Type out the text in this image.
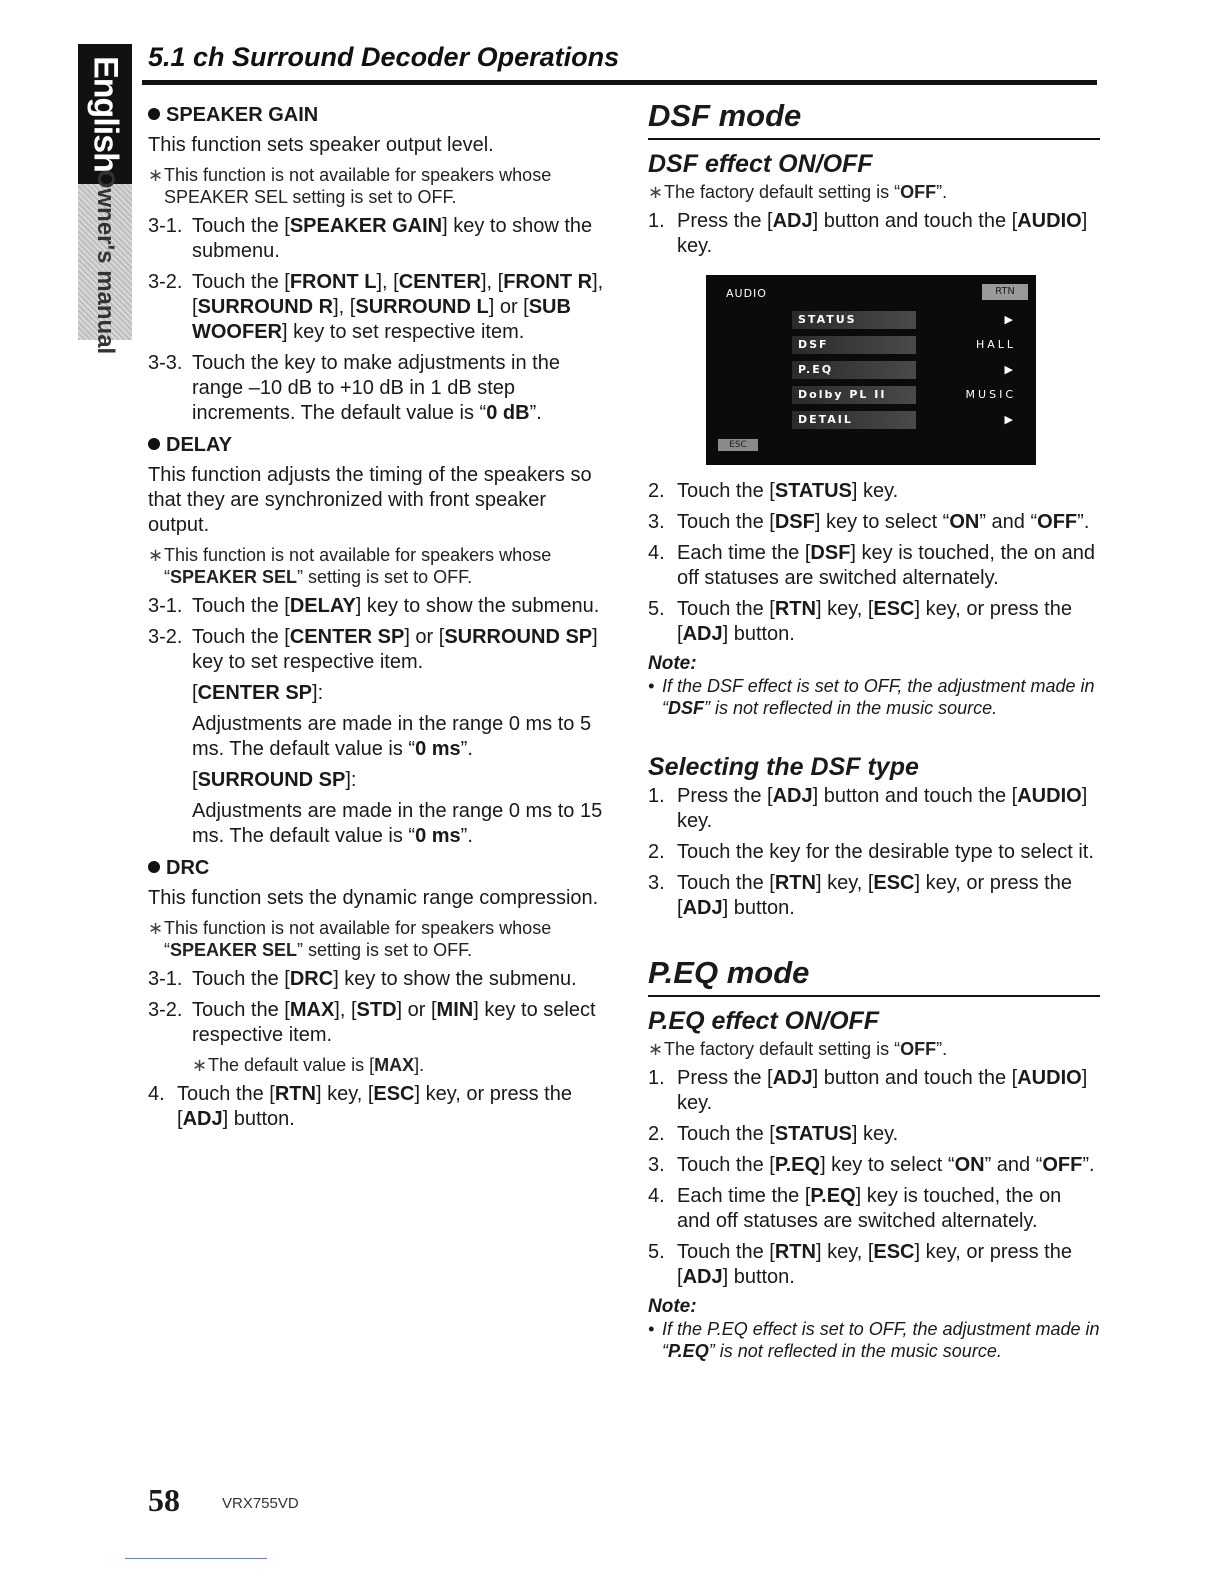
English
Owner's manual
5.1 ch Surround Decoder Operations
SPEAKER GAIN

This function sets speaker output level.

∗ This function is not available for speakers whose SPEAKER SEL setting is set to OFF.
3-1. Touch the [SPEAKER GAIN] key to show the submenu.
3-2. Touch the [FRONT L], [CENTER], [FRONT R], [SURROUND R], [SURROUND L] or [SUB WOOFER] key to set respective item.
3-3. Touch the key to make adjustments in the range –10 dB to +10 dB in 1 dB step increments. The default value is “0 dB”.
DELAY

This function adjusts the timing of the speakers so that they are synchronized with front speaker output.

∗ This function is not available for speakers whose “SPEAKER SEL” setting is set to OFF.
3-1. Touch the [DELAY] key to show the submenu.
3-2. Touch the [CENTER SP] or [SURROUND SP] key to set respective item.
[CENTER SP]:
Adjustments are made in the range 0 ms to 5 ms. The default value is “0 ms”.
[SURROUND SP]:
Adjustments are made in the range 0 ms to 15 ms. The default value is “0 ms”.
DRC

This function sets the dynamic range compression.

∗ This function is not available for speakers whose “SPEAKER SEL” setting is set to OFF.
3-1. Touch the [DRC] key to show the submenu.
3-2. Touch the [MAX], [STD] or [MIN] key to select respective item.
∗ The default value is [MAX].
4. Touch the [RTN] key, [ESC] key, or press the [ADJ] button.
DSF mode
DSF effect ON/OFF
∗ The factory default setting is “OFF”.
1. Press the [ADJ] button and touch the [AUDIO] key.
AUDIO	RTN
STATUS	▶
DSF	HALL
P.EQ	▶
Dolby PL II	MUSIC
DETAIL	▶
ESC
2. Touch the [STATUS] key.
3. Touch the [DSF] key to select “ON” and “OFF”.
4. Each time the [DSF] key is touched, the on and off statuses are switched alternately.
5. Touch the [RTN] key, [ESC] key, or press the [ADJ] button.
Note:
• If the DSF effect is set to OFF, the adjustment made in “DSF” is not reflected in the music source.
Selecting the DSF type
1. Press the [ADJ] button and touch the [AUDIO] key.
2. Touch the key for the desirable type to select it.
3. Touch the [RTN] key, [ESC] key, or press the [ADJ] button.
P.EQ mode
P.EQ effect ON/OFF
∗ The factory default setting is “OFF”.
1. Press the [ADJ] button and touch the [AUDIO] key.
2. Touch the [STATUS] key.
3. Touch the [P.EQ] key to select “ON” and “OFF”.
4. Each time the [P.EQ] key is touched, the on and off statuses are switched alternately.
5. Touch the [RTN] key, [ESC] key, or press the [ADJ] button.
Note:
• If the P.EQ effect is set to OFF, the adjustment made in “P.EQ” is not reflected in the music source.
58	VRX755VD
